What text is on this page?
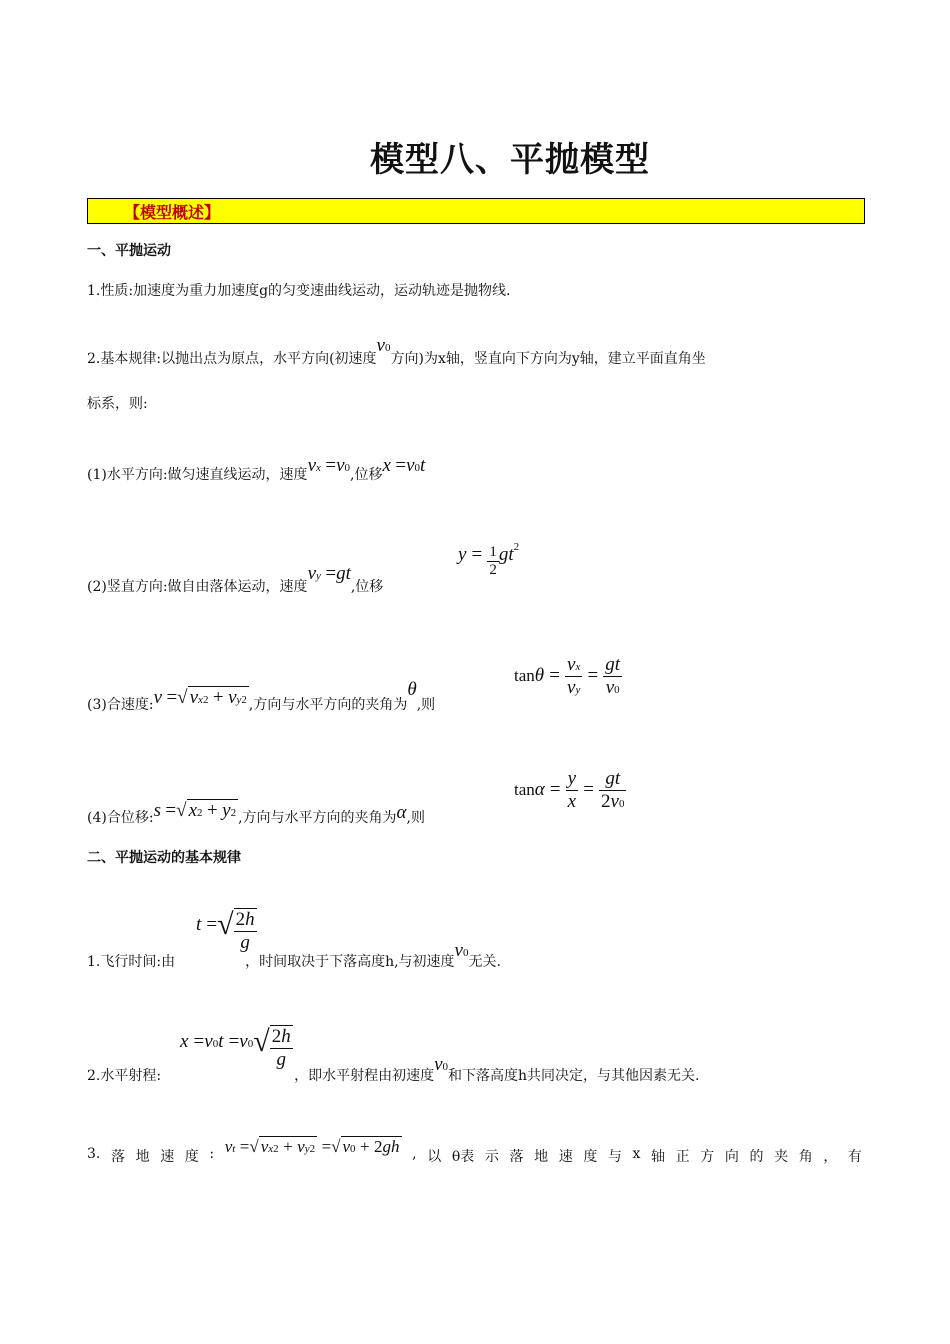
模型八、平抛模型
【模型概述】
一、平抛运动
1.性质:加速度为重力加速度g的匀变速曲线运动，运动轨迹是抛物线.
2.基本规律:以抛出点为原点，水平方向(初速度v0方向)为x轴，竖直向下方向为y轴，建立平面直角坐
标系，则:
(1)水平方向:做匀速直线运动，速度vx =v0,位移x =v0t
(2)竖直方向:做自由落体运动，速度vy =gt,位移
$y = \frac{1}{2} gt^2$
(3)合速度:v =√ vx2 + vy2 ,方向与水平方向的夹角为θ,则
$\tan\theta = \frac{vx}{vy} = \frac{gt}{v0}$
(4)合位移:s =√ x2 + y2 ,方向与水平方向的夹角为α,则
$\tan\alpha = \frac{y}{x} = \frac{gt}{2v0}$
二、平抛运动的基本规律
t =√ $\frac{2h}{g}$
1.飞行时间:由	，时间取决于下落高度h,与初速度v0无关.
$x =v^0t =v^0√ \frac{2h}{g}$
2.水平射程:	，即水平射程由初速度v0和下落高度h共同决定，与其他因素无关.
3. 落 地 速 度 : vt =√ vx2 + vy2 =√ v0 + 2gh , 以 θ表 示 落 地 速 度 与 x 轴 正 方 向 的 夹 角 ， 有
